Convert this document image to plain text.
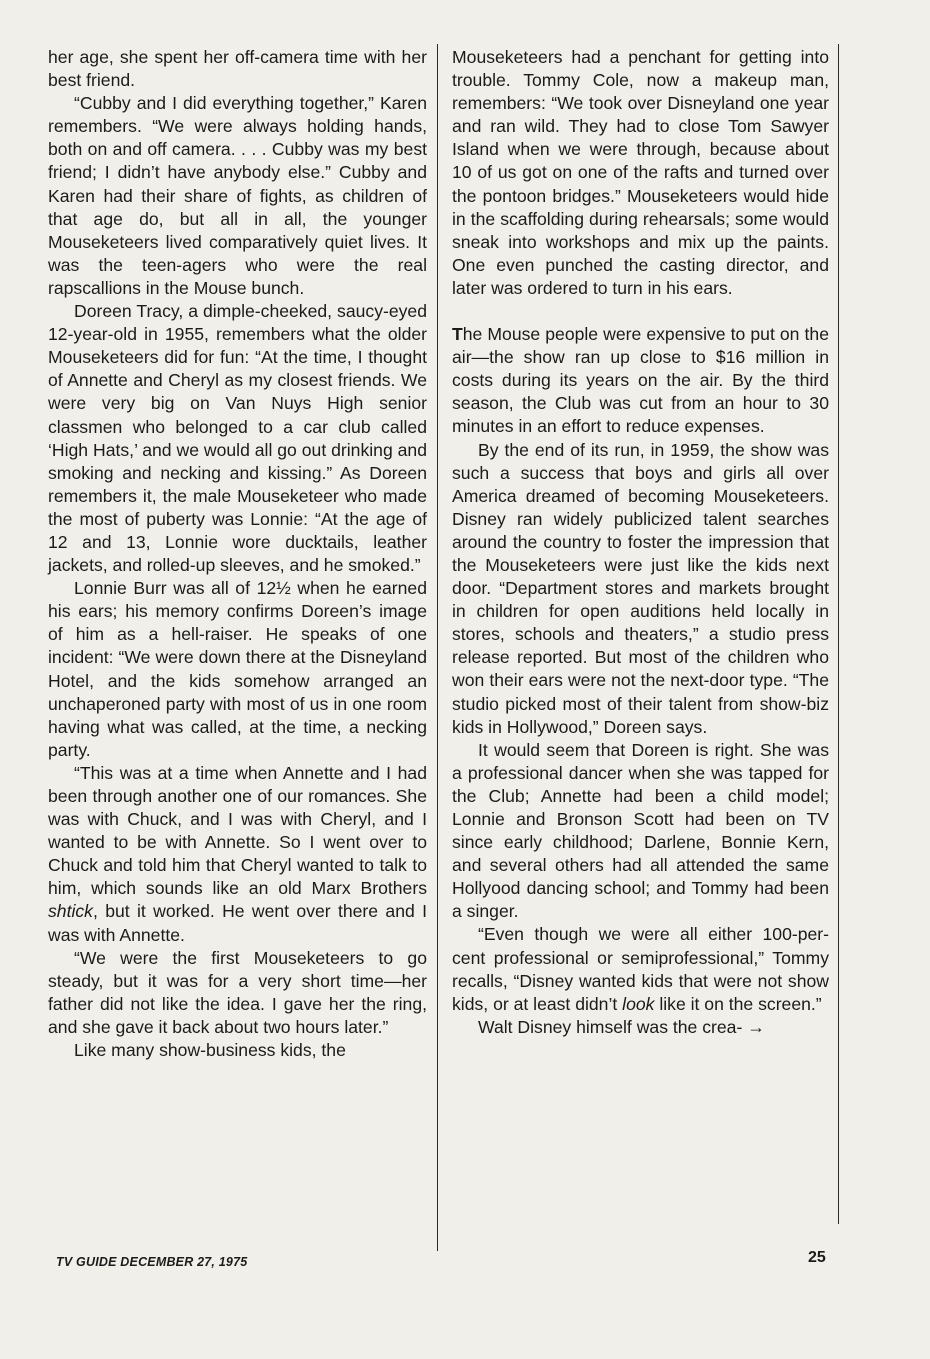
her age, she spent her off-camera time with her best friend.

“Cubby and I did everything together,” Karen remembers. “We were always holding hands, both on and off camera. . . . Cubby was my best friend; I didn’t have anybody else.” Cubby and Karen had their share of fights, as children of that age do, but all in all, the younger Mouseketeers lived comparatively quiet lives. It was the teen-agers who were the real rapscallions in the Mouse bunch.

Doreen Tracy, a dimple-cheeked, saucy-eyed 12-year-old in 1955, remembers what the older Mouseketeers did for fun: “At the time, I thought of Annette and Cheryl as my closest friends. We were very big on Van Nuys High senior classmen who belonged to a car club called ‘High Hats,’ and we would all go out drinking and smoking and necking and kissing.” As Doreen remembers it, the male Mouseketeer who made the most of puberty was Lonnie: “At the age of 12 and 13, Lonnie wore ducktails, leather jackets, and rolled-up sleeves, and he smoked.”

Lonnie Burr was all of 12½ when he earned his ears; his memory confirms Doreen’s image of him as a hell-raiser. He speaks of one incident: “We were down there at the Disneyland Hotel, and the kids somehow arranged an unchaperoned party with most of us in one room having what was called, at the time, a necking party.

“This was at a time when Annette and I had been through another one of our romances. She was with Chuck, and I was with Cheryl, and I wanted to be with Annette. So I went over to Chuck and told him that Cheryl wanted to talk to him, which sounds like an old Marx Brothers shtick, but it worked. He went over there and I was with Annette.

“We were the first Mouseketeers to go steady, but it was for a very short time—her father did not like the idea. I gave her the ring, and she gave it back about two hours later.”

Like many show-business kids, the

Mouseketeers had a penchant for getting into trouble. Tommy Cole, now a makeup man, remembers: “We took over Disneyland one year and ran wild. They had to close Tom Sawyer Island when we were through, because about 10 of us got on one of the rafts and turned over the pontoon bridges.” Mouseketeers would hide in the scaffolding during rehearsals; some would sneak into workshops and mix up the paints. One even punched the casting director, and later was ordered to turn in his ears.

The Mouse people were expensive to put on the air—the show ran up close to $16 million in costs during its years on the air. By the third season, the Club was cut from an hour to 30 minutes in an effort to reduce expenses.

By the end of its run, in 1959, the show was such a success that boys and girls all over America dreamed of becoming Mouseketeers. Disney ran widely publicized talent searches around the country to foster the impression that the Mouseketeers were just like the kids next door. “Department stores and markets brought in children for open auditions held locally in stores, schools and theaters,” a studio press release reported. But most of the children who won their ears were not the next-door type. “The studio picked most of their talent from show-biz kids in Hollywood,” Doreen says.

It would seem that Doreen is right. She was a professional dancer when she was tapped for the Club; Annette had been a child model; Lonnie and Bronson Scott had been on TV since early childhood; Darlene, Bonnie Kern, and several others had all attended the same Hollyood dancing school; and Tommy had been a singer.

“Even though we were all either 100-per-cent professional or semiprofessional,” Tommy recalls, “Disney wanted kids that were not show kids, or at least didn’t look like it on the screen.”

Walt Disney himself was the crea- →

TV GUIDE DECEMBER 27, 1975	25
